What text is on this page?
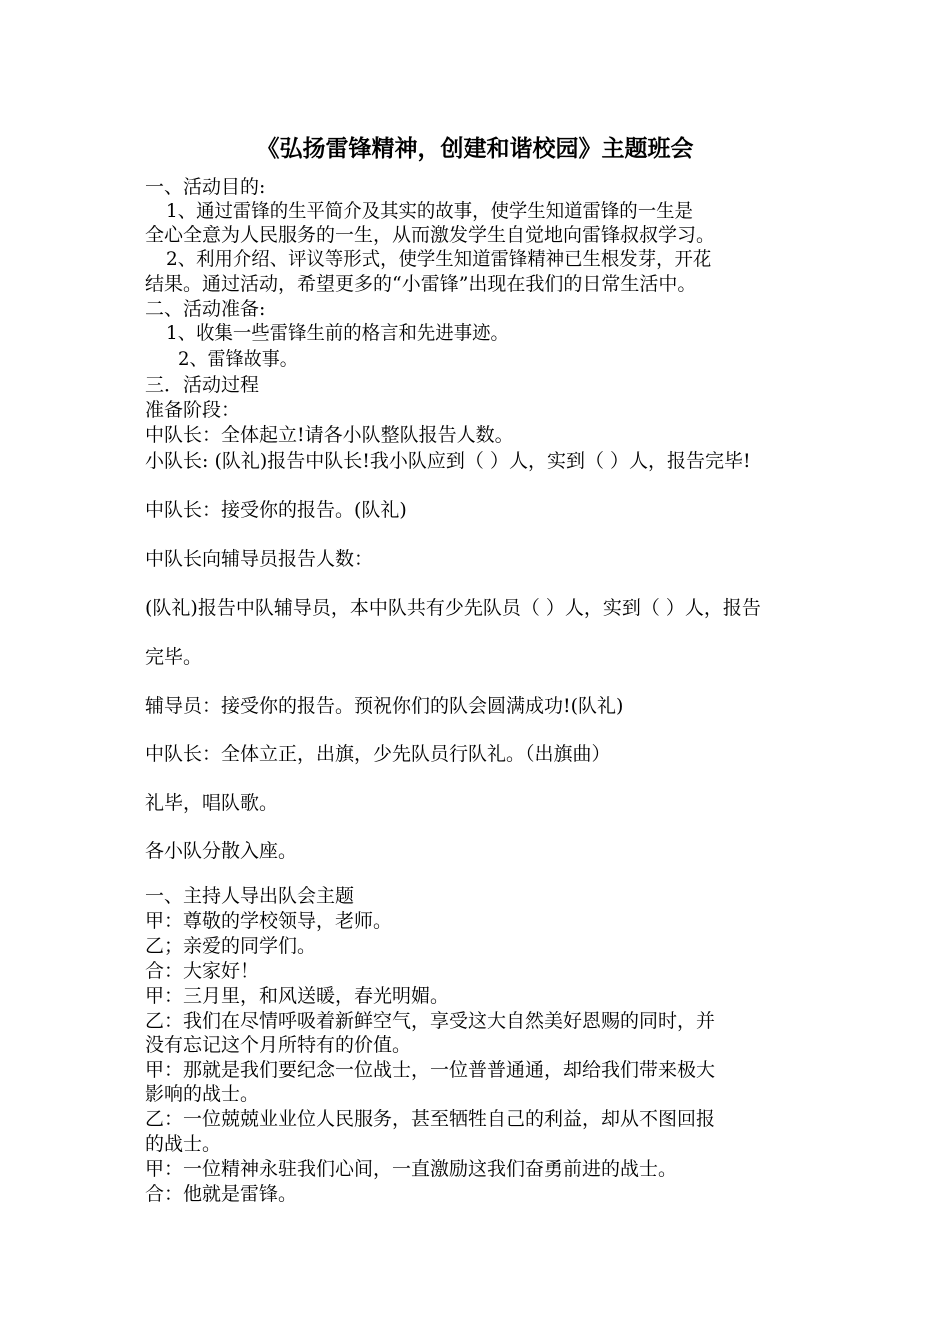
《弘扬雷锋精神，创建和谐校园》主题班会
一、活动目的:
1、通过雷锋的生平简介及其实的故事，使学生知道雷锋的一生是
全心全意为人民服务的一生，从而激发学生自觉地向雷锋叔叔学习。
2、利用介绍、评议等形式，使学生知道雷锋精神已生根发芽，开花
结果。通过活动，希望更多的“小雷锋”出现在我们的日常生活中。
二、活动准备:
1、收集一些雷锋生前的格言和先进事迹。
2、雷锋故事。
三．活动过程
准备阶段：
中队长：全体起立!请各小队整队报告人数。
小队长: (队礼)报告中队长!我小队应到（ ）人，实到（ ）人，报告完毕!
中队长：接受你的报告。(队礼)
中队长向辅导员报告人数：
(队礼)报告中队辅导员，本中队共有少先队员（ ）人，实到（ ）人，报告
完毕。
辅导员：接受你的报告。预祝你们的队会圆满成功!(队礼)
中队长：全体立正，出旗，少先队员行队礼。（出旗曲）
礼毕，唱队歌。
各小队分散入座。
一、主持人导出队会主题
甲：尊敬的学校领导，老师。
乙；亲爱的同学们。
合：大家好！
甲：三月里，和风送暖，春光明媚。
乙：我们在尽情呼吸着新鲜空气，享受这大自然美好恩赐的同时，并
没有忘记这个月所特有的价值。
甲：那就是我们要纪念一位战士，一位普普通通，却给我们带来极大
影响的战士。
乙：一位兢兢业业位人民服务，甚至牺牲自己的利益，却从不图回报
的战士。
甲：一位精神永驻我们心间，一直激励这我们奋勇前进的战士。
合：他就是雷锋。
